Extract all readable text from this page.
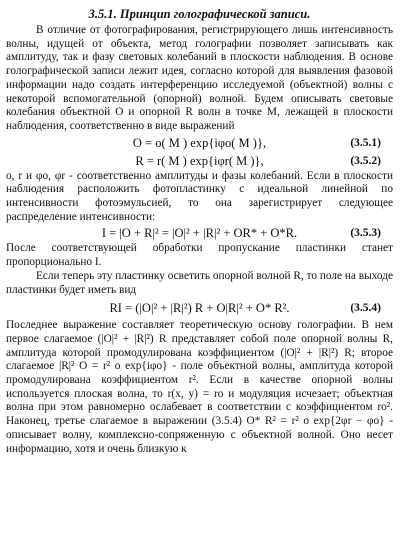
3.5.1. Принцип голографической записи.

В отличие от фотографирования, регистрирующего лишь интенсивность волны, идущей от объекта, метод голографии позволяет записывать как амплитуду, так и фазу световых колебаний в плоскости наблюдения. В основе голографической записи лежит идея, согласно которой для выявления фазовой информации надо создать интерференцию исследуемой (объектной) волны с некоторой вспомогательной (опорной) волной. Будем описывать световые колебания объектной O и опорной R волн в точке M, лежащей в плоскости наблюдения, соответственно в виде выражений

O = o( M ) exp{iφo( M )},	(3.5.1)
R = r( M ) exp{iφr( M )},	(3.5.2)

o, r и φo, φr - соответственно амплитуды и фазы колебаний. Если в плоскости наблюдения расположить фотопластинку с идеальной линейной по интенсивности фотоэмульсией, то она зарегистрирует следующее распределение интенсивности:

I = |O + R|² = |O|² + |R|² + OR* + O*R.	(3.5.3)

После соответствующей обработки пропускание пластинки станет пропорционально I.

Если теперь эту пластинку осветить опорной волной R, то поле на выходе пластинки будет иметь вид

RI = (|O|² + |R|²) R + O|R|² + O* R².	(3.5.4)

Последнее выражение составляет теоретическую основу голографии. В нем первое слагаемое (|O|² + |R|²) R представляет собой поле опорной волны R, амплитуда которой промодулирована коэффициентом (|O|² + |R|²) R; второе слагаемое |R|² O = r² o exp{iφo} - поле объектной волны, амплитуда которой промодулирована коэффициентом r². Если в качестве опорной волны используется плоская волна, то r(x, y) = ro и модуляция исчезает; объектная волна при этом равномерно ослабевает в соответствии с коэффициентом ro². Наконец, третье слагаемое в выражении (3.5.4) O* R² = r² o exp{2φr − φo} - описывает волну, комплексно-сопряженную с объектной волной. Оно несет информацию, хотя и очень близкую к
